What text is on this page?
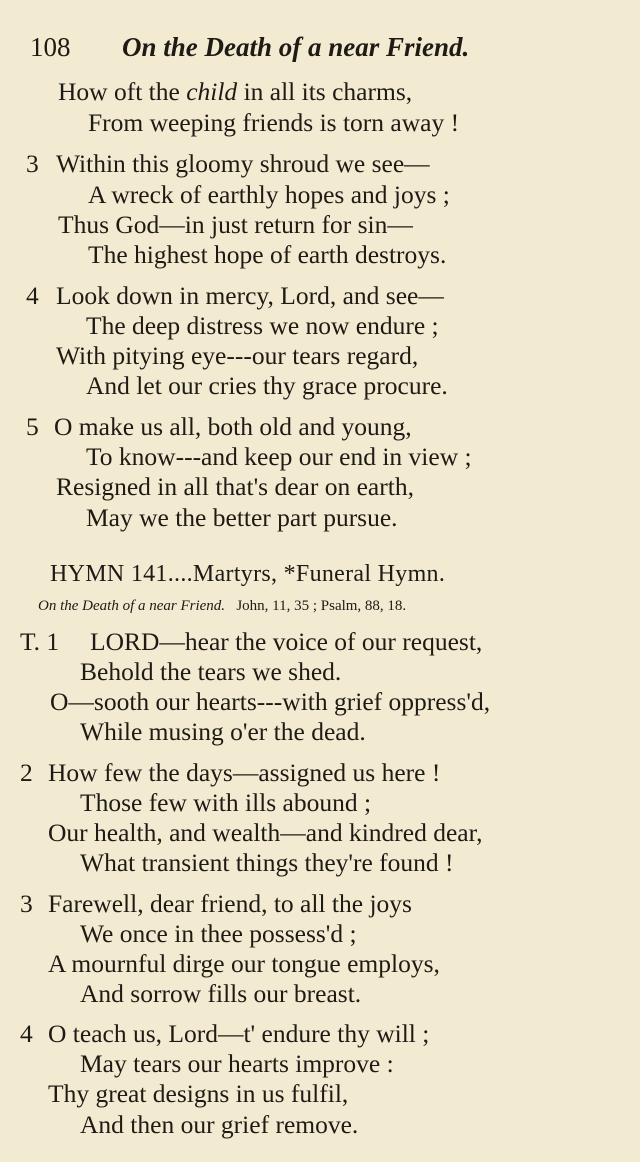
108 On the Death of a near Friend.
How oft the child in all its charms,
From weeping friends is torn away !
3 Within this gloomy shroud we see—
A wreck of earthly hopes and joys ;
Thus God—in just return for sin—
The highest hope of earth destroys.
4 Look down in mercy, Lord, and see—
The deep distress we now endure ;
With pitying eye---our tears regard,
And let our cries thy grace procure.
5 O make us all, both old and young,
To know---and keep our end in view ;
Resigned in all that's dear on earth,
May we the better part pursue.
HYMN 141....Martyrs, *Funeral Hymn.
On the Death of a near Friend. John, 11, 35 ; Psalm, 88, 18.
T. 1 LORD—hear the voice of our request,
Behold the tears we shed.
O—sooth our hearts---with grief oppress'd,
While musing o'er the dead.
2 How few the days—assigned us here !
Those few with ills abound ;
Our health, and wealth—and kindred dear,
What transient things they're found !
3 Farewell, dear friend, to all the joys
We once in thee possess'd ;
A mournful dirge our tongue employs,
And sorrow fills our breast.
4 O teach us, Lord—t' endure thy will ;
May tears our hearts improve :
Thy great designs in us fulfil,
And then our grief remove.
